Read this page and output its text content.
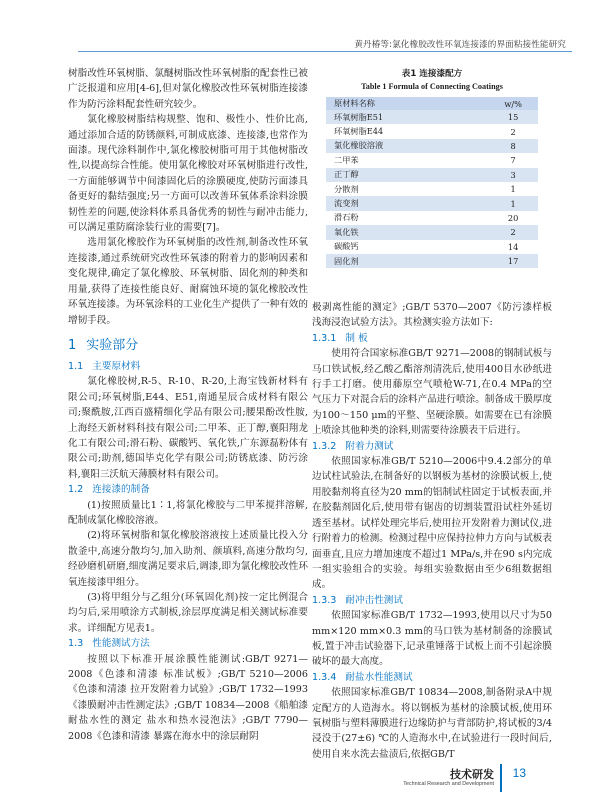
黄丹椿等:氯化橡胶改性环氧连接漆的界面粘接性能研究

树脂改性环氧树脂、氯醚树脂改性环氧树脂的配套性已被广泛报道和应用[4-6],但对氯化橡胶改性环氧树脂连接漆作为防污涂料配套性研究较少。

氯化橡胶树脂结构规整、饱和、极性小、性价比高,通过添加合适的防锈颜料,可制成底漆、连接漆,也常作为面漆。现代涂料制作中,氯化橡胶树脂可用于其他树脂改性,以提高综合性能。使用氯化橡胶对环氧树脂进行改性,一方面能够调节中间漆固化后的涂膜硬度,使防污面漆具备更好的黏结强度;另一方面可以改善环氧体系涂料涂膜韧性差的问题,使涂料体系具备优秀的韧性与耐冲击能力,可以满足重防腐涂装行业的需要[7]。

选用氯化橡胶作为环氧树脂的改性剂,制备改性环氧连接漆,通过系统研究改性环氧漆的附着力的影响因素和变化规律,确定了氯化橡胶、环氧树脂、固化剂的种类和用量,获得了连接性能良好、耐腐蚀环境的氯化橡胶改性环氧连接漆。为环氧涂料的工业化生产提供了一种有效的增韧手段。

1 实验部分
1.1 主要原材料

氯化橡胶树,R-5、R-10、R-20,上海宝钱新材料有限公司;环氧树脂,E44、E51,南通星辰合成材料有限公司;聚酰胺,江西百盛精细化学品有限公司;腰果酚改性胺,上海经天新材料科技有限公司;二甲苯、正丁醇,襄阳翔龙化工有限公司;滑石粉、碳酸钙、氧化铁,广东源磊粉体有限公司;助剂,德国毕克化学有限公司;防锈底漆、防污涂料,襄阳三沃航天薄膜材料有限公司。

1.2 连接漆的制备

(1)按照质量比1∶1,将氯化橡胶与二甲苯搅拌溶解,配制成氯化橡胶溶液。

(2)将环氧树脂和氯化橡胶溶液按上述质量比投入分散釜中,高速分散均匀,加入助剂、颜填料,高速分散均匀,经砂磨机研磨,细度满足要求后,调漆,即为氯化橡胶改性环氧连接漆甲组分。

(3)将甲组分与乙组分(环氧固化剂)按一定比例混合均匀后,采用喷涂方式制板,涂层厚度满足相关测试标准要求。详细配方见表1。

1.3 性能测试方法

按照以下标准开展涂膜性能测试:GB/T 9271—2008《色漆和清漆 标准试板》;GB/T 5210—2006《色漆和清漆 拉开发附着力试验》;GB/T 1732—1993《漆膜耐冲击性测定法》;GB/T 10834—2008《船舶漆 耐盐水性的测定 盐水和热水浸泡法》;GB/T 7790—2008《色漆和清漆 暴露在海水中的涂层耐阴

表1 连接漆配方
Table 1 Formula of Connecting Coatings
原材料名称	w/%
环氧树脂E51	15
环氧树脂E44	2
氯化橡胶溶液	8
二甲苯	7
正丁醇	3
分散剂	1
流变剂	1
滑石粉	20
氧化铁	2
碳酸钙	14
固化剂	17

极剥离性能的测定》;GB/T 5370—2007《防污漆样板浅海浸泡试验方法》。其检测实验方法如下:

1.3.1 制 板

使用符合国家标准GB/T 9271—2008的钢制试板与马口铁试板,经乙酸乙酯溶剂清洗后,使用400目水砂纸进行手工打磨。使用藤原空气喷枪W-71,在0.4 MPa的空气压力下对混合后的涂料产品进行喷涂。制备成干膜厚度为100～150 μm的平整、坚硬涂膜。如需要在已有涂膜上喷涂其他种类的涂料,则需要待涂膜表干后进行。

1.3.2 附着力测试

依照国家标准GB/T 5210—2006中9.4.2部分的单边试柱试验法,在制备好的以钢板为基材的涂膜试板上,使用胶黏剂将直径为20 mm的铝制试柱固定于试板表面,并在胶黏剂固化后,使用带有锯齿的切割装置沿试柱外延切透至基材。试样处理完毕后,使用拉开发附着力测试仪,进行附着力的检测。检测过程中应保持拉伸力方向与试板表面垂直,且应力增加速度不超过1 MPa/s,并在90 s内完成一组实验组合的实验。每组实验数据由至少6组数据组成。

1.3.3 耐冲击性测试

依照国家标准GB/T 1732—1993,使用以尺寸为50 mm×120 mm×0.3 mm的马口铁为基材制备的涂膜试板,置于冲击试验器下,记录重锤落于试板上而不引起涂膜破坏的最大高度。

1.3.4 耐盐水性能测试

依照国家标准GB/T 10834—2008,制备附录A中规定配方的人造海水。将以钢板为基材的涂膜试板,使用环氧树脂与塑料薄膜进行边缘防护与背部防护,将试板的3/4浸没于(27±6) ℃的人造海水中,在试验进行一段时间后,使用自来水洗去盐渍后,依据GB/T

技术研发
Technical Research and Development
13
